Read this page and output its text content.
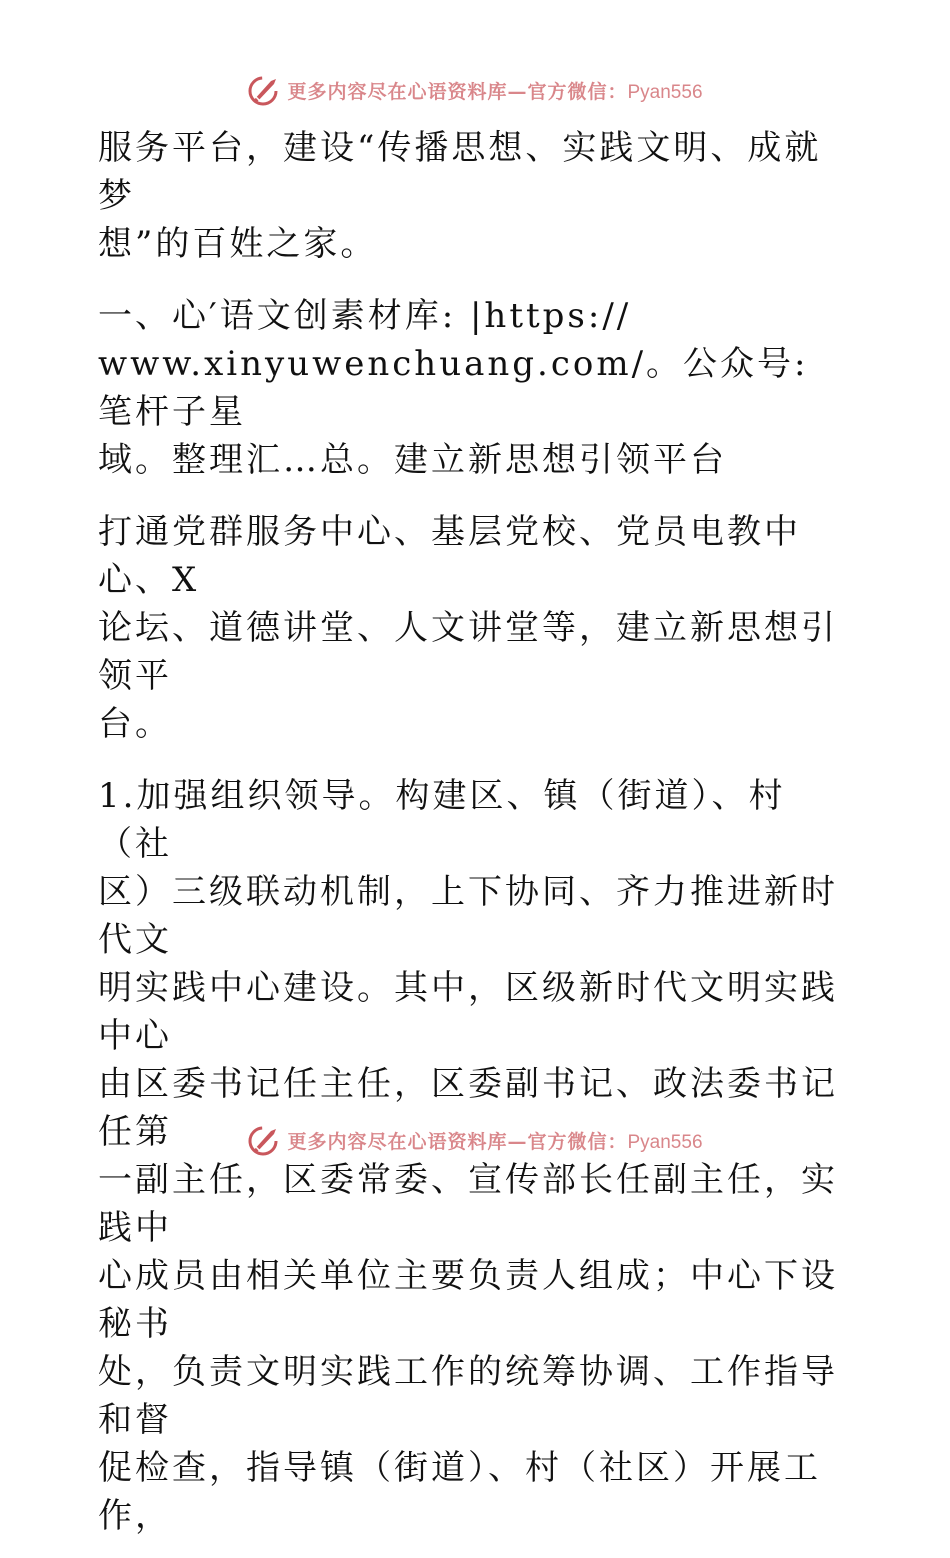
更多内容尽在心语资料库—官方微信：Pyan556

服务平台，建设“传播思想、实践文明、成就梦
想”的百姓之家。

一、心′语文创素材库: |https://
www.xinyuwenchuang.com/。公众号: 笔杆子星
域。整理汇…总。建立新思想引领平台

打通党群服务中心、基层党校、党员电教中心、X
论坛、道德讲堂、人文讲堂等，建立新思想引领平
台。

1.加强组织领导。构建区、镇（街道）、村（社
区）三级联动机制，上下协同、齐力推进新时代文
明实践中心建设。其中，区级新时代文明实践中心
由区委书记任主任，区委副书记、政法委书记任第
一副主任，区委常委、宣传部长任副主任，实践中
心成员由相关单位主要负责人组成；中心下设秘书
处，负责文明实践工作的统筹协调、工作指导和督
促检查，指导镇（街道）、村（社区）开展工作，

更多内容尽在心语资料库—官方微信：Pyan556
